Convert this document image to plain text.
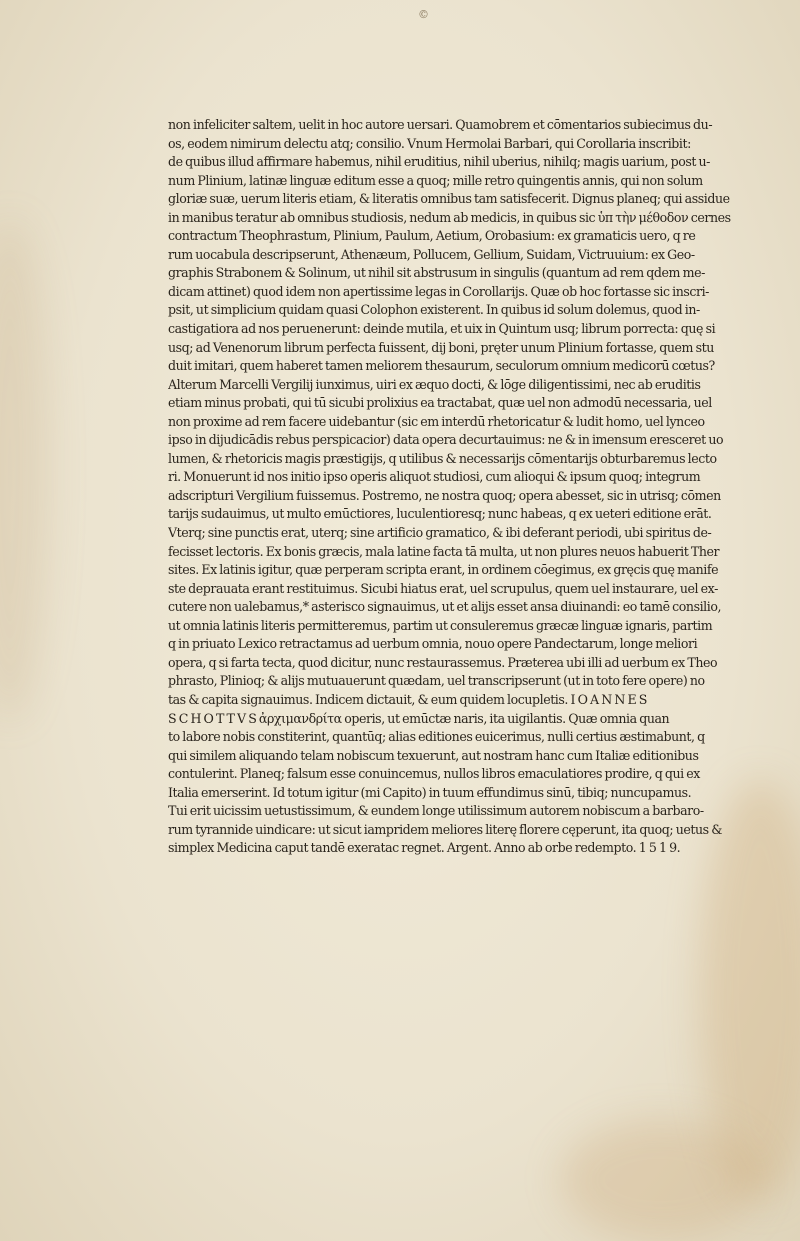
©
non infeliciter saltem, uelit in hoc autore uersari. Quamobrem et cōmentarios subiecimus du-
os, eodem nimirum delectu atq; consilio. Vnum Hermolai Barbari, qui Corollaria inscribit:
de quibus illud affirmare habemus, nihil eruditius, nihil uberius, nihilq; magis uarium, post u-
num Plinium, latinæ linguæ editum esse a quoq; mille retro quingentis annis, qui non solum
gloriæ suæ, uerum literis etiam, & literatis omnibus tam satisfecerit. Dignus planeq; qui assidue
in manibus teratur ab omnibus studiosis, nedum ab medicis, in quibus sic ὑπ τὴν μέθοδον cernes
contractum Theophrastum, Plinium, Paulum, Aetium, Orobasium: ex gramaticis uero, q re
rum uocabula descripserunt, Athenæum, Pollucem, Gellium, Suidam, Victruuium: ex Geo-
graphis Strabonem & Solinum, ut nihil sit abstrusum in singulis (quantum ad rem qdem me-
dicam attinet) quod idem non apertissime legas in Corollarijs. Quæ ob hoc fortasse sic inscri-
psit, ut simplicium quidam quasi Colophon existerent. In quibus id solum dolemus, quod in-
castigatiora ad nos peruenerunt: deinde mutila, et uix in Quintum usq; librum porrecta: quę si
usq; ad Venenorum librum perfecta fuissent, dij boni, pręter unum Plinium fortasse, quem stu
duit imitari, quem haberet tamen meliorem thesaurum, seculorum omnium medicorū cœtus?
Alterum Marcelli Vergilij iunximus, uiri ex æquo docti, & lōge diligentissimi, nec ab eruditis
etiam minus probati, qui tū sicubi prolixius ea tractabat, quæ uel non admodū necessaria, uel
non proxime ad rem facere uidebantur (sic em interdū rhetoricatur & ludit homo, uel lynceo
ipso in dijudicādis rebus perspicacior) data opera decurtauimus: ne & in imensum eresceret uo
lumen, & rhetoricis magis præstigijs, q utilibus & necessarijs cōmentarijs obturbaremus lecto
ri. Monuerunt id nos initio ipso operis aliquot studiosi, cum alioqui & ipsum quoq; integrum
adscripturi Vergilium fuissemus. Postremo, ne nostra quoq; opera abesset, sic in utrisq; cōmen
tarijs sudauimus, ut multo emūctiores, luculentioresq; nunc habeas, q ex ueteri editione erāt.
Vterq; sine punctis erat, uterq; sine artificio gramatico, & ibi deferant periodi, ubi spiritus de-
fecisset lectoris. Ex bonis græcis, mala latine facta tā multa, ut non plures neuos habuerit Ther
sites. Ex latinis igitur, quæ perperam scripta erant, in ordinem cōegimus, ex gręcis quę manife
ste deprauata erant restituimus. Sicubi hiatus erat, uel scrupulus, quem uel instaurare, uel ex-
cutere non ualebamus,* asterisco signauimus, ut et alijs esset ansa diuinandi: eo tamē consilio,
ut omnia latinis literis permitteremus, partim ut consuleremus græcæ linguæ ignaris, partim
q in priuato Lexico retractamus ad uerbum omnia, nouo opere Pandectarum, longe meliori
opera, q si farta tecta, quod dicitur, nunc restaurassemus. Præterea ubi illi ad uerbum ex Theo
phrasto, Plinioq; & alijs mutuauerunt quædam, uel transcripserunt (ut in toto fere opere) no
tas & capita signauimus. Indicem dictauit, & eum quidem locupletis. I O A N N E S
S C H O T T V S ἀρχιμανδρίτα operis, ut emūctæ naris, ita uigilantis. Quæ omnia quan
to labore nobis constiterint, quantūq; alias editiones euicerimus, nulli certius æstimabunt, q
qui similem aliquando telam nobiscum texuerunt, aut nostram hanc cum Italiæ editionibus
contulerint. Planeq; falsum esse conuincemus, nullos libros emaculatiores prodire, q qui ex
Italia emerserint. Id totum igitur (mi Capito) in tuum effundimus sinū, tibiq; nuncupamus.
Tui erit uicissim uetustissimum, & eundem longe utilissimum autorem nobiscum a barbaro-
rum tyrannide uindicare: ut sicut iampridem meliores literę florere cęperunt, ita quoq; uetus &
simplex Medicina caput tandē exeratac regnet. Argent. Anno ab orbe redempto. 1 5 1 9.
